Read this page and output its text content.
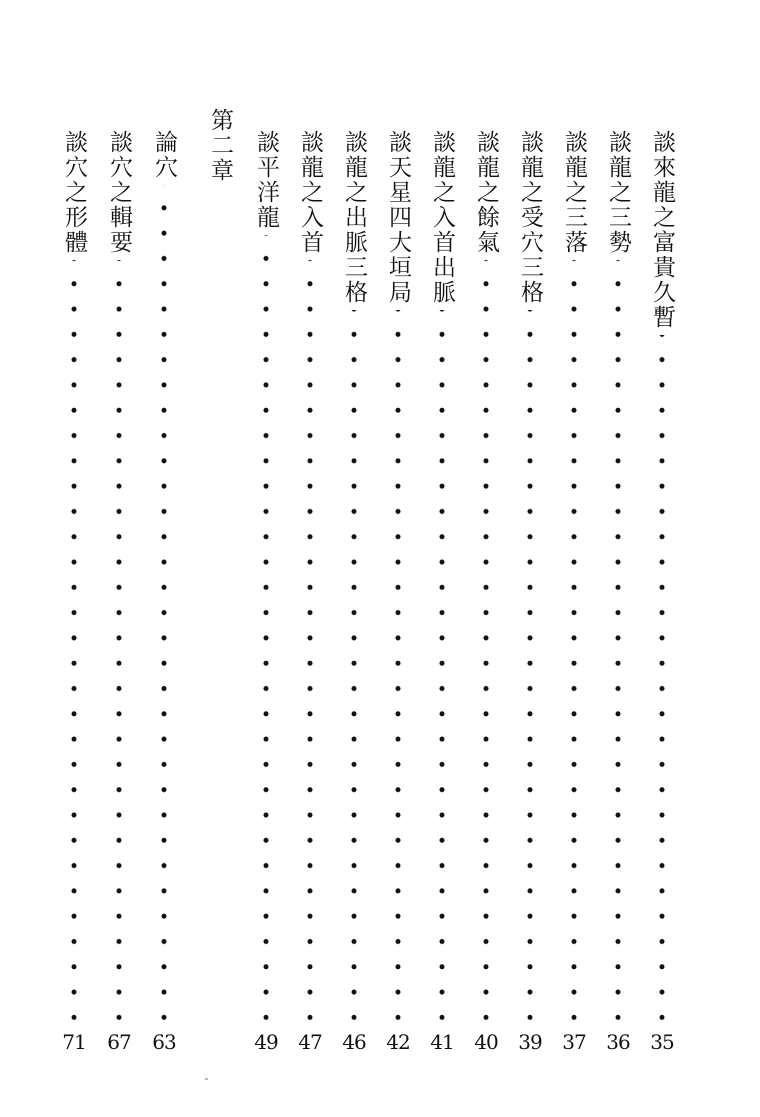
談來龍之富貴久暫
35
談龍之三勢
36
談龍之三落
37
談龍之受穴三格
39
談龍之餘氣
40
談龍之入首出脈
41
談天星四大垣局
42
談龍之出脈三格
46
談龍之入首
47
談平洋龍
49
第二章
論穴
63
談穴之輯要
67
談穴之形體
71
